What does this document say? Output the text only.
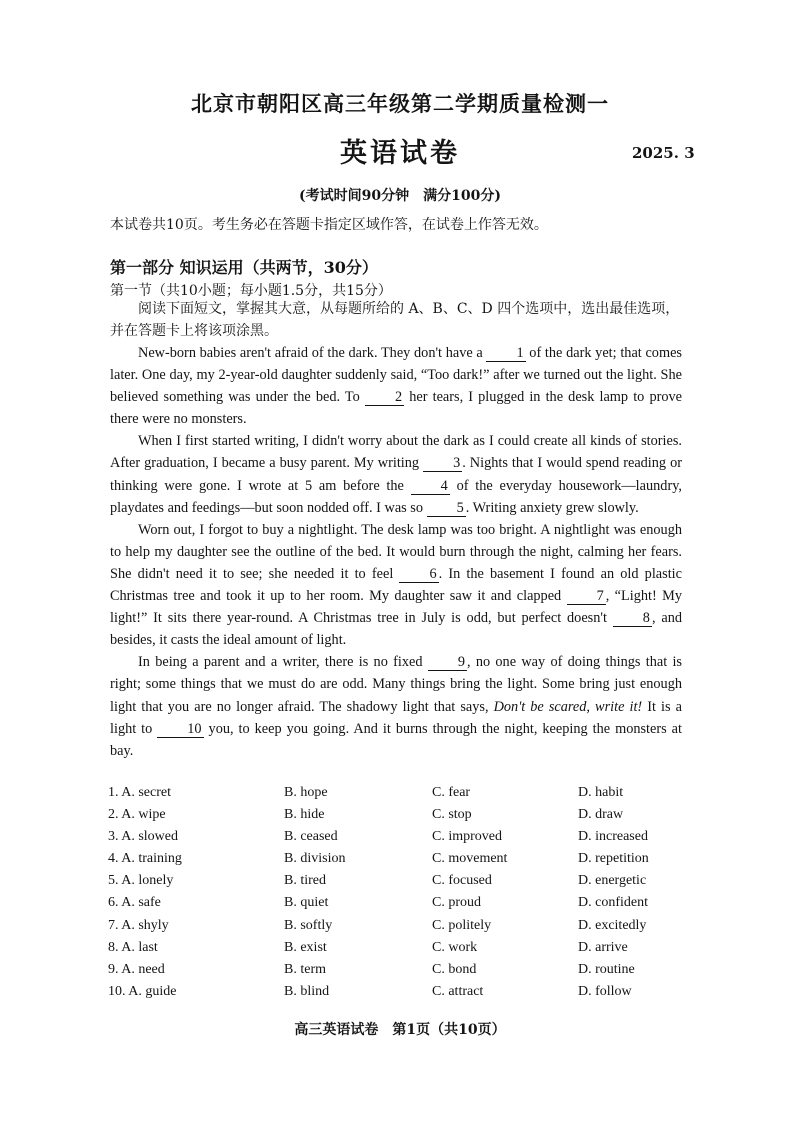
北京市朝阳区高三年级第二学期质量检测一
英语试卷	2025. 3
(考试时间90分钟　满分100分)
本试卷共10页。考生务必在答题卡指定区域作答，在试卷上作答无效。
第一部分 知识运用（共两节，30分）
第一节（共10小题；每小题1.5分，共15分）
阅读下面短文，掌握其大意，从每题所给的 A、B、C、D 四个选项中，选出最佳选项，并在答题卡上将该项涂黑。

New-born babies aren't afraid of the dark. They don't have a 1 of the dark yet; that comes later. One day, my 2-year-old daughter suddenly said, “Too dark!” after we turned out the light. She believed something was under the bed. To 2 her tears, I plugged in the desk lamp to prove there were no monsters.

When I first started writing, I didn't worry about the dark as I could create all kinds of stories. After graduation, I became a busy parent. My writing 3 . Nights that I would spend reading or thinking were gone. I wrote at 5 am before the 4 of the everyday housework—laundry, playdates and feedings—but soon nodded off. I was so 5 . Writing anxiety grew slowly.

Worn out, I forgot to buy a nightlight. The desk lamp was too bright. A nightlight was enough to help my daughter see the outline of the bed. It would burn through the night, calming her fears. She didn't need it to see; she needed it to feel 6 . In the basement I found an old plastic Christmas tree and took it up to her room. My daughter saw it and clapped 7 , “Light! My light!” It sits there year-round. A Christmas tree in July is odd, but perfect doesn't 8 , and besides, it casts the ideal amount of light.

In being a parent and a writer, there is no fixed 9 , no one way of doing things that is right; some things that we must do are odd. Many things bring the light. Some bring just enough light that you are no longer afraid. The shadowy light that says, Don't be scared, write it! It is a light to 10 you, to keep you going. And it burns through the night, keeping the monsters at bay.

1. A. secret	B. hope	C. fear	D. habit
2. A. wipe	B. hide	C. stop	D. draw
3. A. slowed	B. ceased	C. improved	D. increased
4. A. training	B. division	C. movement	D. repetition
5. A. lonely	B. tired	C. focused	D. energetic
6. A. safe	B. quiet	C. proud	D. confident
7. A. shyly	B. softly	C. politely	D. excitedly
8. A. last	B. exist	C. work	D. arrive
9. A. need	B. term	C. bond	D. routine
10. A. guide	B. blind	C. attract	D. follow
高三英语试卷　第1页（共10页）
